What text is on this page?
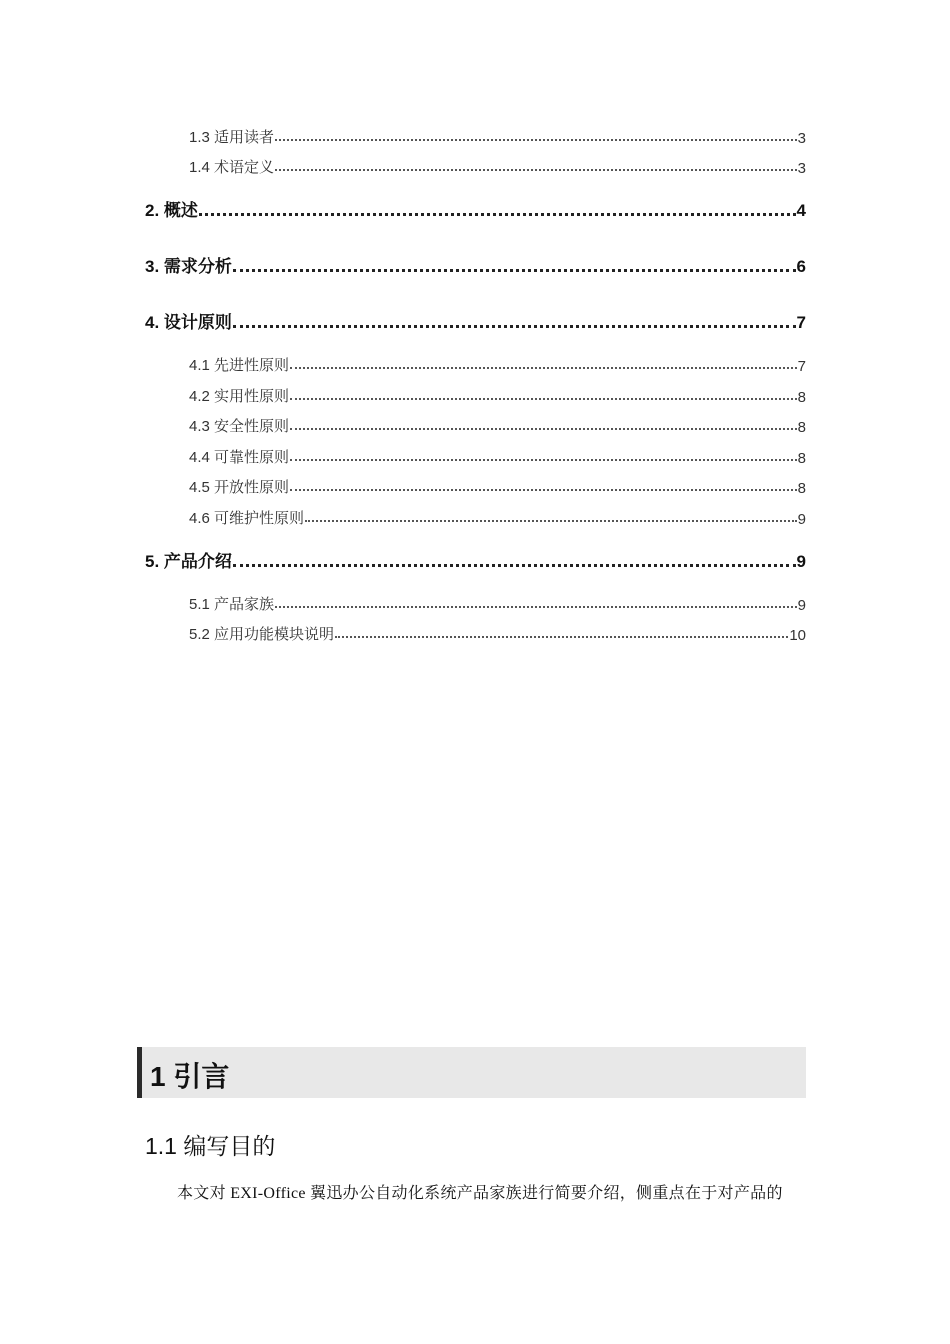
1.3 适用读者	3
1.4 术语定义	3
2. 概述	4
3. 需求分析	6
4. 设计原则	7
4.1 先进性原则	7
4.2 实用性原则	8
4.3 安全性原则	8
4.4 可靠性原则	8
4.5 开放性原则	8
4.6 可维护性原则	9
5. 产品介绍	9
5.1 产品家族	9
5.2 应用功能模块说明	10
1 引言
1.1 编写目的
本文对 EXI-Office 翼迅办公自动化系统产品家族进行简要介绍，侧重点在于对产品的
